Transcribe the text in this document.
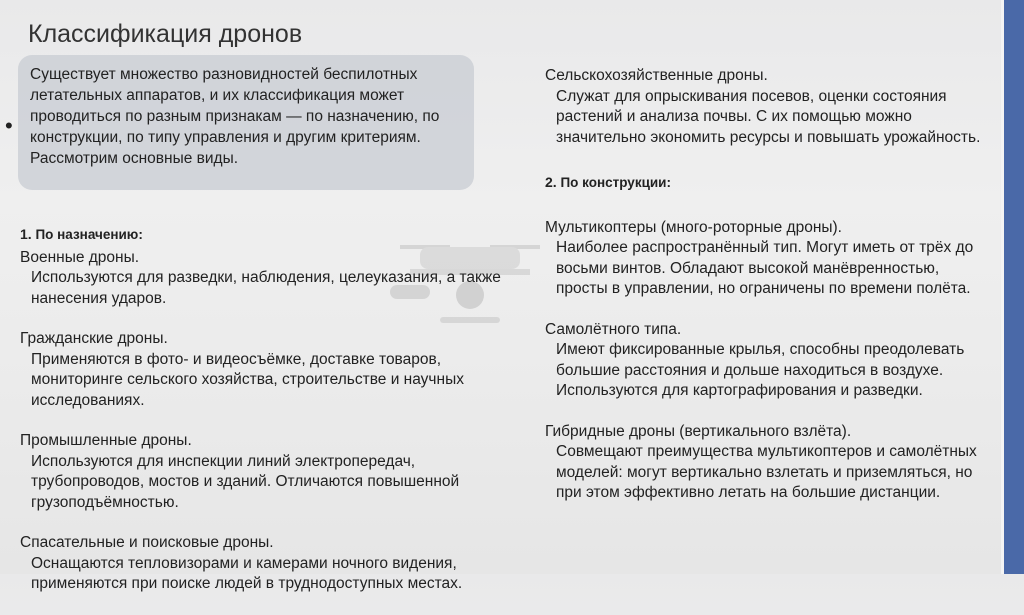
Классификация дронов
•

Существует множество разновидностей беспилотных летательных аппаратов, и их классификация может проводиться по разным признакам — по назначению, по конструкции, по типу управления и другим критериям. Рассмотрим основные виды.

1. По назначению:

Военные дроны.

Используются для разведки, наблюдения, целеуказания, а также нанесения ударов.

Гражданские дроны.

Применяются в фото- и видеосъёмке, доставке товаров, мониторинге сельского хозяйства, строительстве и научных исследованиях.

Промышленные дроны.

Используются для инспекции линий электропередач, трубопроводов, мостов и зданий. Отличаются повышенной грузоподъёмностью.

Спасательные и поисковые дроны.

Оснащаются тепловизорами и камерами ночного видения, применяются при поиске людей в труднодоступных местах.

Сельскохозяйственные дроны.

Служат для опрыскивания посевов, оценки состояния растений и анализа почвы. С их помощью можно значительно экономить ресурсы и повышать урожайность.

2. По конструкции:

Мультикоптеры (много-роторные дроны).

Наиболее распространённый тип. Могут иметь от трёх до восьми винтов. Обладают высокой манёвренностью, просты в управлении, но ограничены по времени полёта.

Самолётного типа.

Имеют фиксированные крылья, способны преодолевать большие расстояния и дольше находиться в воздухе. Используются для картографирования и разведки.

Гибридные дроны (вертикального взлёта).

Совмещают преимущества мультикоптеров и самолётных моделей: могут вертикально взлетать и приземляться, но при этом эффективно летать на большие дистанции.
